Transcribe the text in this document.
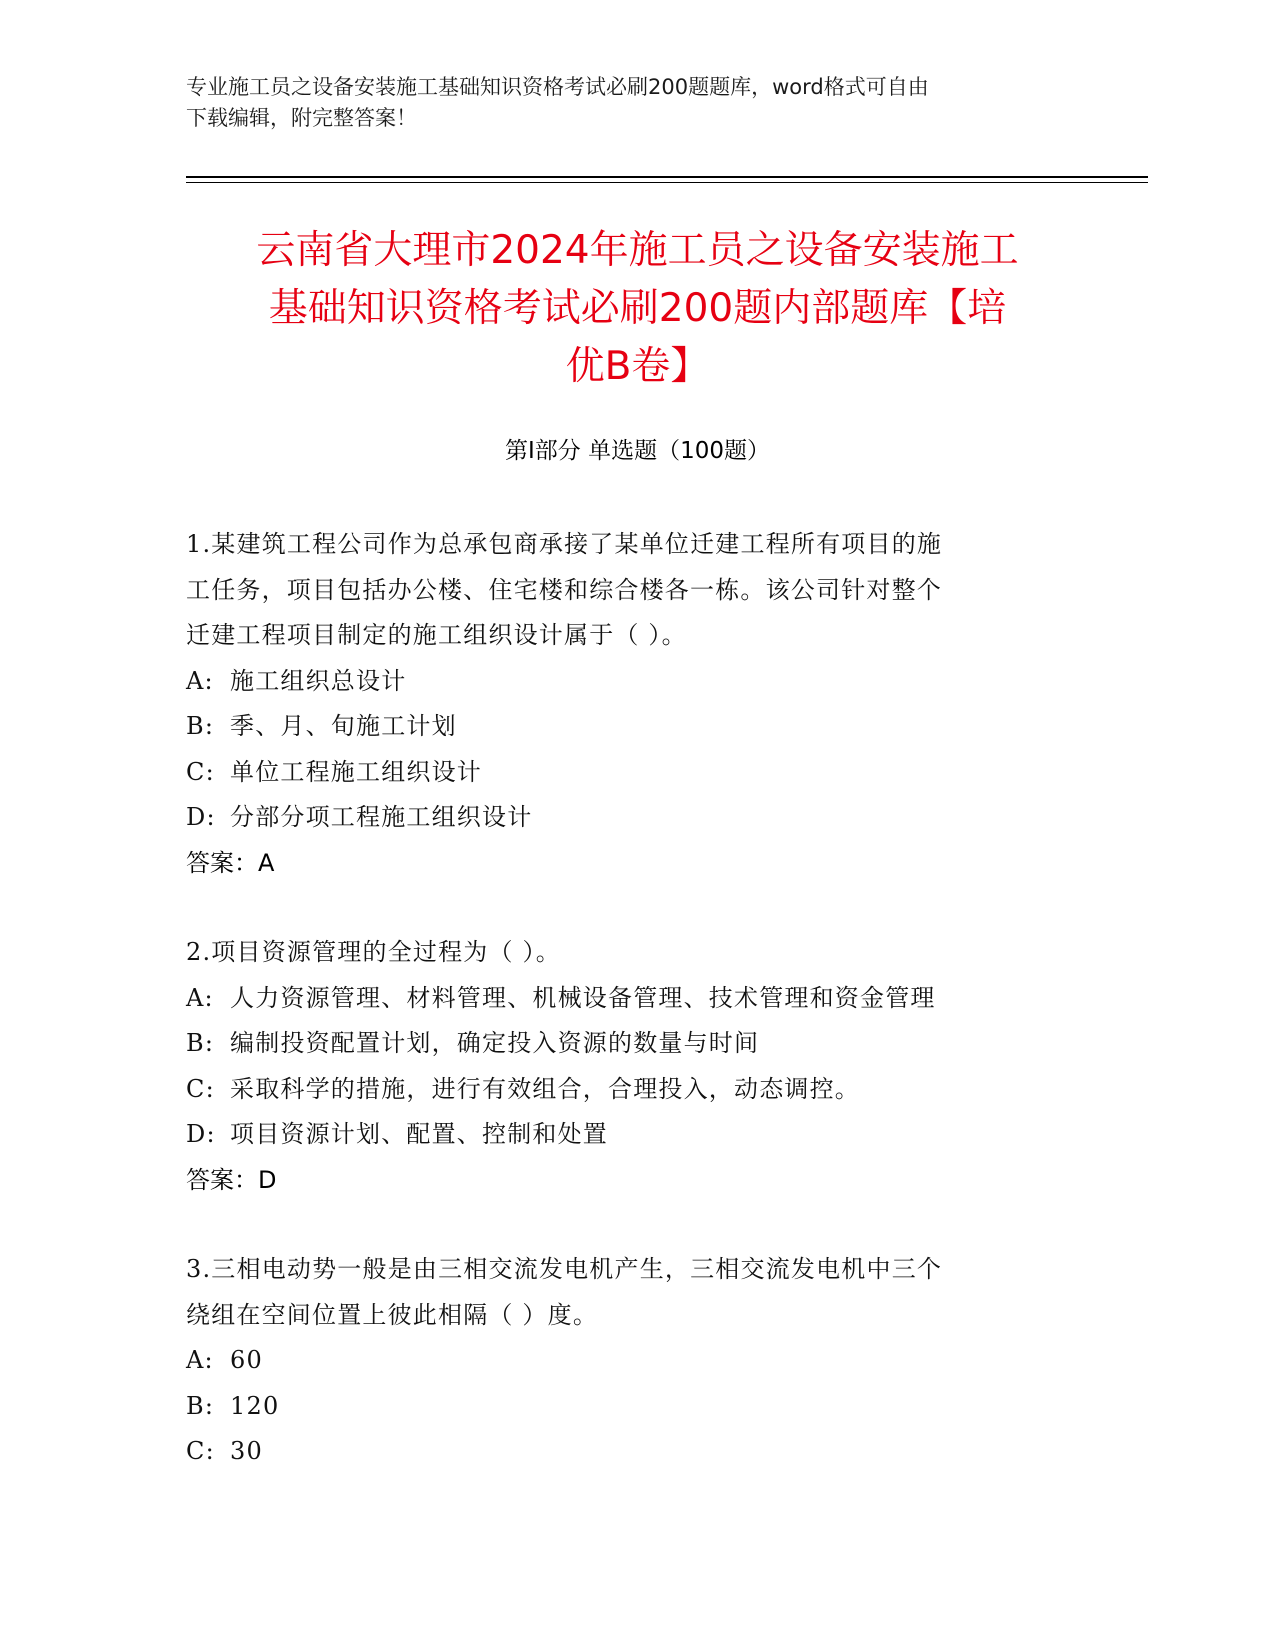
专业施工员之设备安装施工基础知识资格考试必刷200题题库，word格式可自由
下载编辑，附完整答案！
云南省大理市2024年施工员之设备安装施工
基础知识资格考试必刷200题内部题库【培
优B卷】
第Ⅰ部分 单选题（100题）
1.某建筑工程公司作为总承包商承接了某单位迁建工程所有项目的施
工任务，项目包括办公楼、住宅楼和综合楼各一栋。该公司针对整个
迁建工程项目制定的施工组织设计属于（ ）。
A: 施工组织总设计
B: 季、月、旬施工计划
C: 单位工程施工组织设计
D: 分部分项工程施工组织设计
答案：A
2.项目资源管理的全过程为（ ）。
A: 人力资源管理、材料管理、机械设备管理、技术管理和资金管理
B: 编制投资配置计划，确定投入资源的数量与时间
C: 采取科学的措施，进行有效组合，合理投入，动态调控。
D: 项目资源计划、配置、控制和处置
答案：D
3.三相电动势一般是由三相交流发电机产生，三相交流发电机中三个
绕组在空间位置上彼此相隔（ ）度。
A: 60
B: 120
C: 30
